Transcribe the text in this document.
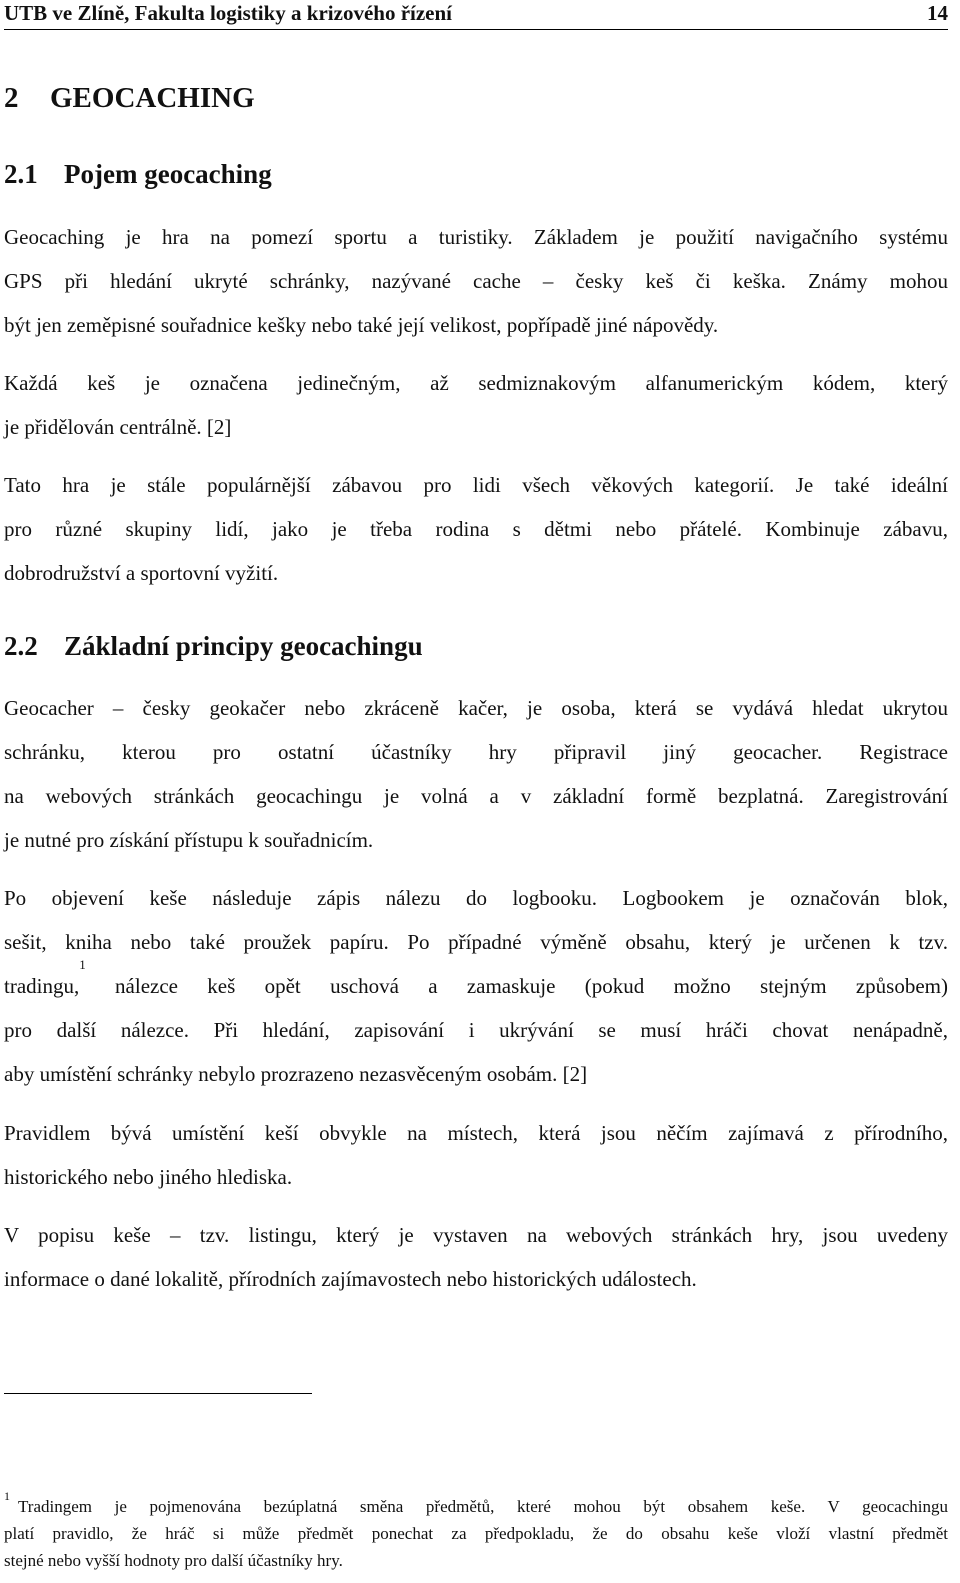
UTB ve Zlíně, Fakulta logistiky a krizového řízení	14
2 GEOCACHING
2.1 Pojem geocaching
Geocaching je hra na pomezí sportu a turistiky. Základem je použití navigačního systému
GPS při hledání ukryté schránky, nazývané cache – česky keš či keška. Známy mohou
být jen zeměpisné souřadnice kešky nebo také její velikost, popřípadě jiné nápovědy.
Každá keš je označena jedinečným, až sedmiznakovým alfanumerickým kódem, který
je přidělován centrálně. [2]
Tato hra je stále populárnější zábavou pro lidi všech věkových kategorií. Je také ideální
pro různé skupiny lidí, jako je třeba rodina s dětmi nebo přátelé. Kombinuje zábavu,
dobrodružství a sportovní vyžití.
2.2 Základní principy geocachingu
Geocacher – česky geokačer nebo zkráceně kačer, je osoba, která se vydává hledat ukrytou
schránku, kterou pro ostatní účastníky hry připravil jiný geocacher. Registrace
na webových stránkách geocachingu je volná a v základní formě bezplatná. Zaregistrování
je nutné pro získání přístupu k souřadnicím.
Po objevení keše následuje zápis nálezu do logbooku. Logbookem je označován blok,
sešit, kniha nebo také proužek papíru. Po případné výměně obsahu, který je určenen k tzv.
tradingu,$^1$ nálezce keš opět uschová a zamaskuje (pokud možno stejným způsobem)
pro další nálezce. Při hledání, zapisování i ukrývání se musí hráči chovat nenápadně,
aby umístění schránky nebylo prozrazeno nezasvěceným osobám. [2]
Pravidlem bývá umístění keší obvykle na místech, která jsou něčím zajímavá z přírodního,
historického nebo jiného hlediska.
V popisu keše – tzv. listingu, který je vystaven na webových stránkách hry, jsou uvedeny
informace o dané lokalitě, přírodních zajímavostech nebo historických událostech.
$^1$Tradingem je pojmenována bezúplatná směna předmětů, které mohou být obsahem keše. V geocachingu
platí pravidlo, že hráč si může předmět ponechat za předpokladu, že do obsahu keše vloží vlastní předmět
stejné nebo vyšší hodnoty pro další účastníky hry.
